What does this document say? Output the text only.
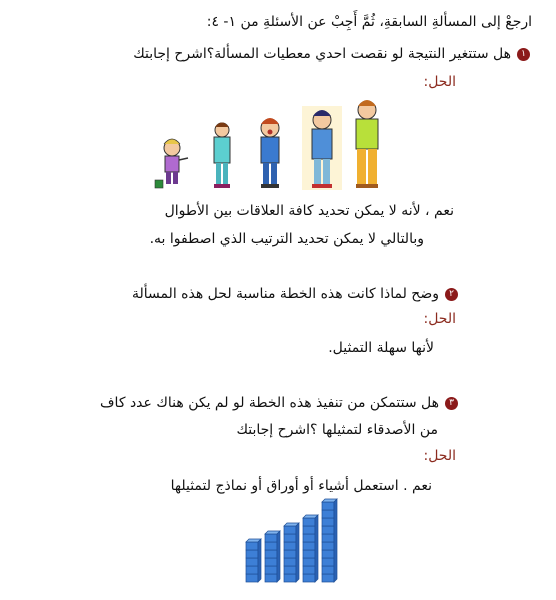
ارجعْ إلى المسألةِ السابقةِ، ثُمَّ أَجِبْ عن الأسئلةِ من ١- ٤:
١هل ستتغير النتيجة لو نقصت احدي معطيات المسألة؟اشرح إجابتك
الحل:
نعم ، لأنه لا يمكن تحديد كافة العلاقات بين الأطوال
وبالتالي لا يمكن تحديد الترتيب الذي اصطفوا به.
٢وضح لماذا كانت هذه الخطة مناسبة لحل هذه المسألة
الحل:
لأنها سهلة التمثيل.
٣هل ستتمكن من تنفيذ هذه الخطة لو لم يكن هناك عدد كاف
من الأصدقاء لتمثيلها ؟اشرح إجابتك
الحل:
نعم . استعمل أشياء أو أوراق أو نماذج لتمثيلها
